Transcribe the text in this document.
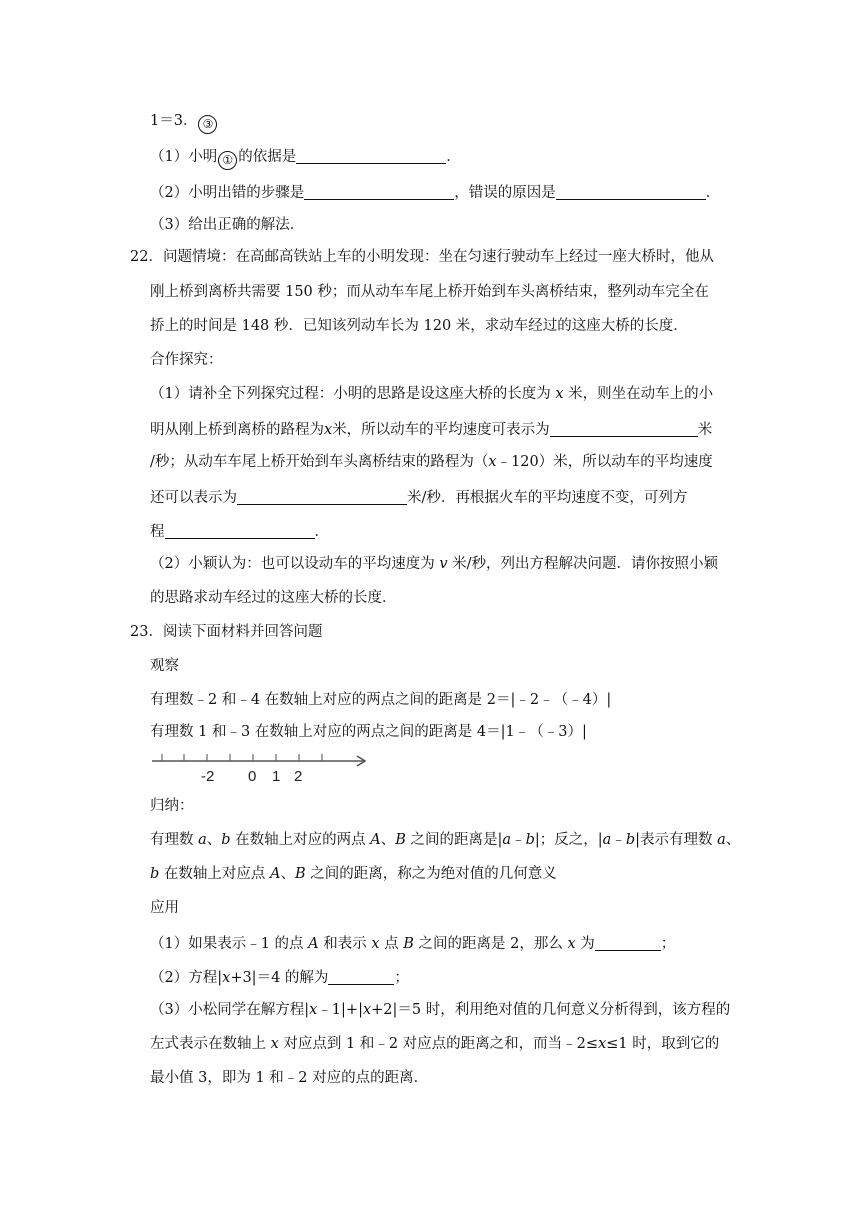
1＝3． ③
（1）小明 ① 的依据是	．
（2）小明出错的步骤是	，错误的原因是	．
（3）给出正确的解法．
22．问题情境：在高邮高铁站上车的小明发现：坐在匀速行驶动车上经过一座大桥时，他从
刚上桥到离桥共需要 150 秒；而从动车车尾上桥开始到车头离桥结束，整列动车完全在
挢上的时间是 148 秒．已知该列动车长为 120 米，求动车经过的这座大桥的长度．
合作探究：
（1）请补全下列探究过程：小明的思路是设这座大桥的长度为 x 米，则坐在动车上的小
明从刚上桥到离桥的路程为x米，所以动车的平均速度可表示为	米
/秒；从动车车尾上桥开始到车头离桥结束的路程为（x﹣120）米，所以动车的平均速度
还可以表示为	米/秒．再根据火车的平均速度不变，可列方
程	．
（2）小颖认为：也可以设动车的平均速度为 v 米/秒，列出方程解决问题．请你按照小颖
的思路求动车经过的这座大桥的长度．
23．阅读下面材料并回答问题
观察
有理数﹣2 和﹣4 在数轴上对应的两点之间的距离是 2＝|﹣2﹣（﹣4）|
有理数 1 和﹣3 在数轴上对应的两点之间的距离是 4＝|1﹣（﹣3）|
-2 0 1 2
归纳：
有理数 a、b 在数轴上对应的两点 A、B 之间的距离是|a﹣b|；反之，|a﹣b|表示有理数 a、
b 在数轴上对应点 A、B 之间的距离，称之为绝对值的几何意义
应用
（1）如果表示﹣1 的点 A 和表示 x 点 B 之间的距离是 2，那么 x 为	；
（2）方程|x+3|＝4 的解为	；
（3）小松同学在解方程|x﹣1|+|x+2|＝5 时，利用绝对值的几何意义分析得到，该方程的
左式表示在数轴上 x 对应点到 1 和﹣2 对应点的距离之和，而当﹣2≤x≤1 时，取到它的
最小值 3，即为 1 和﹣2 对应的点的距离．
